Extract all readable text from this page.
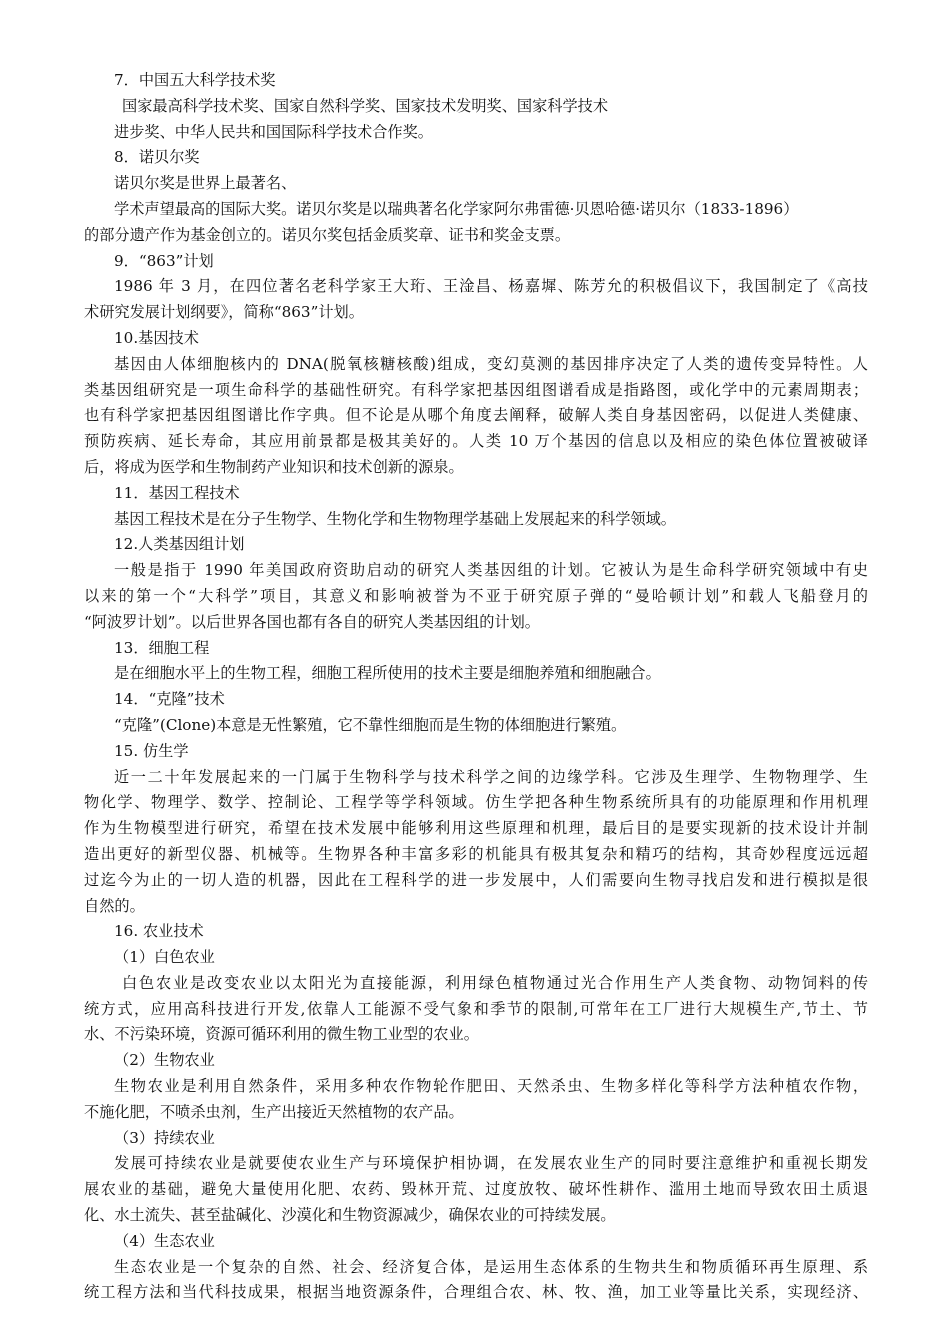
7．中国五大科学技术奖
国家最高科学技术奖、国家自然科学奖、国家技术发明奖、国家科学技术
进步奖、中华人民共和国国际科学技术合作奖。
8．诺贝尔奖
诺贝尔奖是世界上最著名、
学术声望最高的国际大奖。诺贝尔奖是以瑞典著名化学家阿尔弗雷德·贝恩哈德·诺贝尔（1833-1896）
的部分遗产作为基金创立的。诺贝尔奖包括金质奖章、证书和奖金支票。
9．“863”计划
1986 年 3 月，在四位著名老科学家王大珩、王淦昌、杨嘉墀、陈芳允的积极倡议下，我国制定了《高技
术研究发展计划纲要》，简称“863”计划。
10.基因技术
基因由人体细胞核内的 DNA(脱氧核糖核酸)组成，变幻莫测的基因排序决定了人类的遗传变异特性。人
类基因组研究是一项生命科学的基础性研究。有科学家把基因组图谱看成是指路图，或化学中的元素周期表；
也有科学家把基因组图谱比作字典。但不论是从哪个角度去阐释，破解人类自身基因密码，以促进人类健康、
预防疾病、延长寿命，其应用前景都是极其美好的。人类 10 万个基因的信息以及相应的染色体位置被破译
后，将成为医学和生物制药产业知识和技术创新的源泉。
11．基因工程技术
基因工程技术是在分子生物学、生物化学和生物物理学基础上发展起来的科学领域。
12.人类基因组计划
一般是指于 1990 年美国政府资助启动的研究人类基因组的计划。它被认为是生命科学研究领域中有史
以来的第一个“大科学”项目，其意义和影响被誉为不亚于研究原子弹的“曼哈顿计划”和载人飞船登月的
“阿波罗计划”。以后世界各国也都有各自的研究人类基因组的计划。
13．细胞工程
是在细胞水平上的生物工程，细胞工程所使用的技术主要是细胞养殖和细胞融合。
14．“克隆”技术
“克隆”(Clone)本意是无性繁殖，它不靠性细胞而是生物的体细胞进行繁殖。
15. 仿生学
近一二十年发展起来的一门属于生物科学与技术科学之间的边缘学科。它涉及生理学、生物物理学、生
物化学、物理学、数学、控制论、工程学等学科领域。仿生学把各种生物系统所具有的功能原理和作用机理
作为生物模型进行研究，希望在技术发展中能够利用这些原理和机理，最后目的是要实现新的技术设计并制
造出更好的新型仪器、机械等。生物界各种丰富多彩的机能具有极其复杂和精巧的结构，其奇妙程度远远超
过迄今为止的一切人造的机器，因此在工程科学的进一步发展中，人们需要向生物寻找启发和进行模拟是很
自然的。
16. 农业技术
（1）白色农业
白色农业是改变农业以太阳光为直接能源，利用绿色植物通过光合作用生产人类食物、动物饲料的传
统方式，应用高科技进行开发,依靠人工能源不受气象和季节的限制,可常年在工厂进行大规模生产,节土、节
水、不污染环境，资源可循环利用的微生物工业型的农业。
（2）生物农业
生物农业是利用自然条件，采用多种农作物轮作肥田、天然杀虫、生物多样化等科学方法种植农作物，
不施化肥，不喷杀虫剂，生产出接近天然植物的农产品。
（3）持续农业
发展可持续农业是就要使农业生产与环境保护相协调，在发展农业生产的同时要注意维护和重视长期发
展农业的基础，避免大量使用化肥、农药、毁林开荒、过度放牧、破坏性耕作、滥用土地而导致农田土质退
化、水土流失、甚至盐碱化、沙漠化和生物资源减少，确保农业的可持续发展。
（4）生态农业
生态农业是一个复杂的自然、社会、经济复合体，是运用生态体系的生物共生和物质循环再生原理、系
统工程方法和当代科技成果，根据当地资源条件，合理组合农、林、牧、渔，加工业等量比关系，实现经济、
